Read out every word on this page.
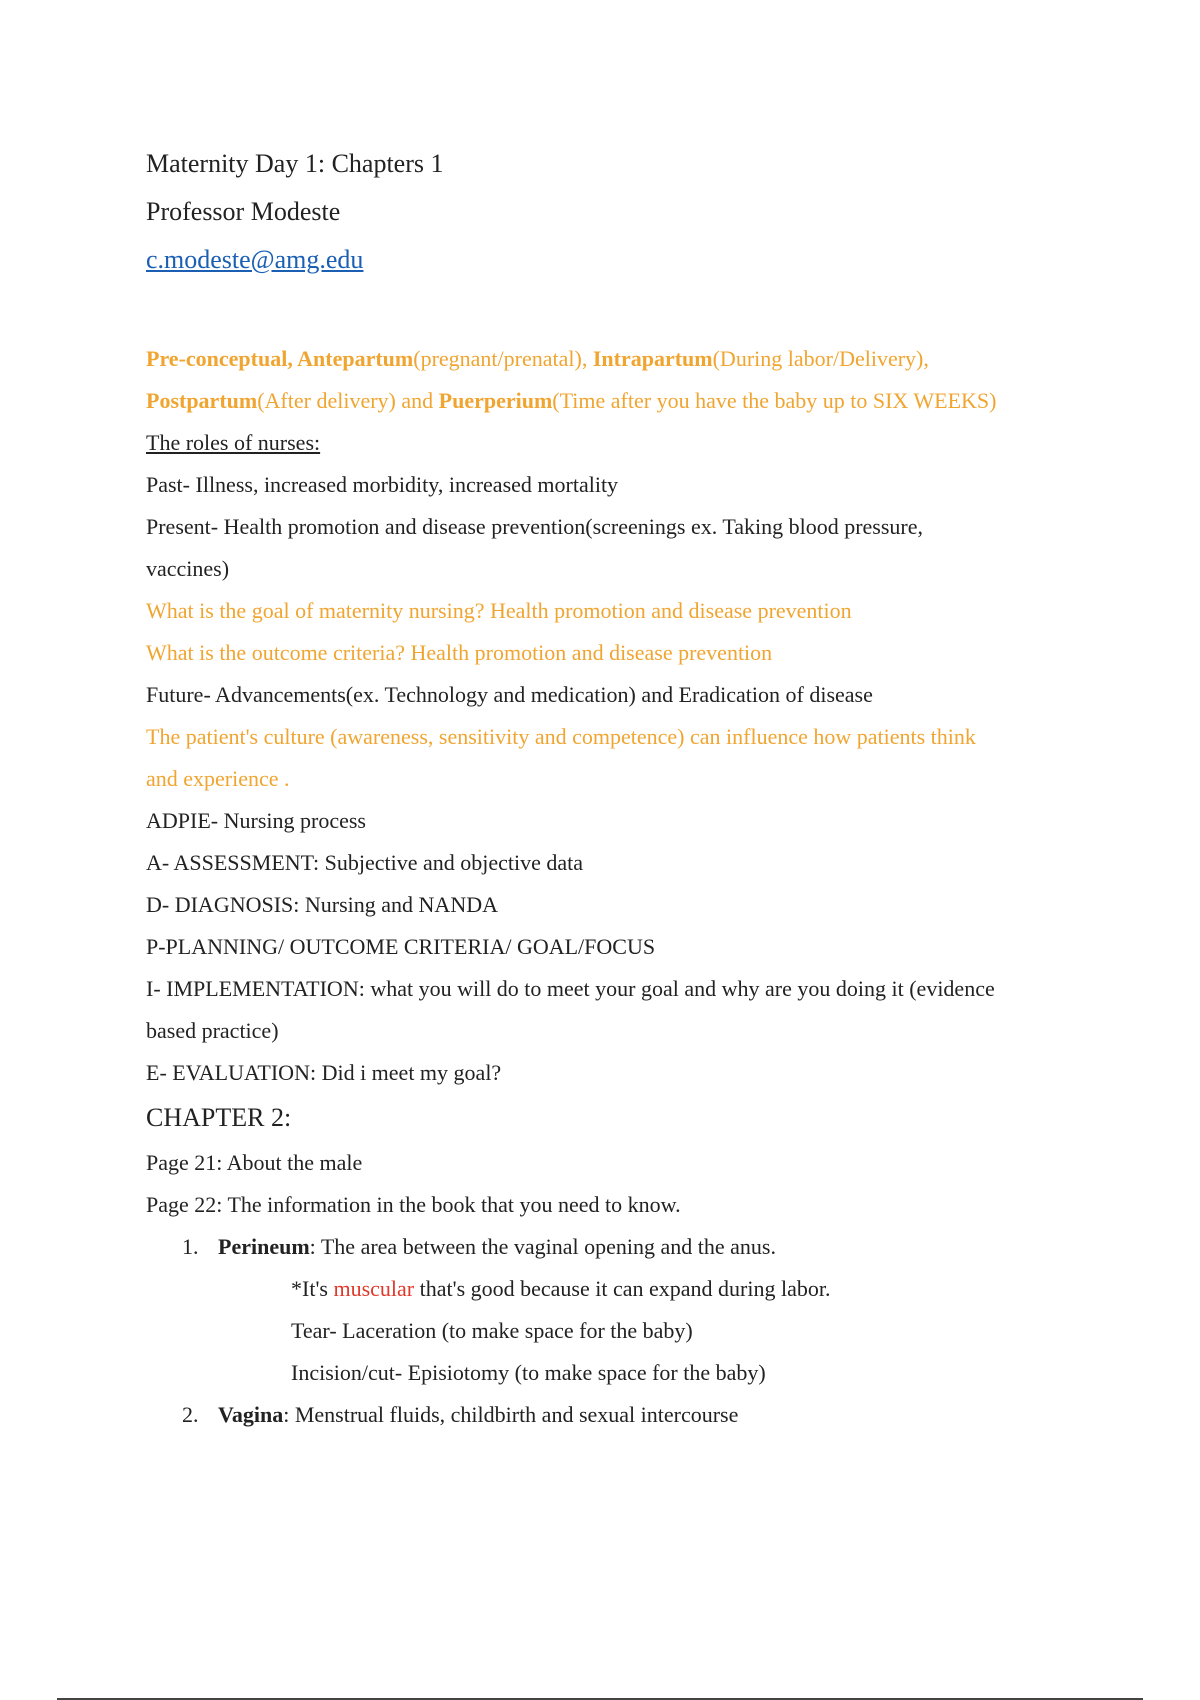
Maternity Day 1: Chapters 1
Professor Modeste
c.modeste@amg.edu
Pre-conceptual, Antepartum(pregnant/prenatal), Intrapartum(During labor/Delivery),
Postpartum(After delivery) and Puerperium(Time after you have the baby up to SIX WEEKS)
The roles of nurses:
Past- Illness, increased morbidity, increased mortality
Present- Health promotion and disease prevention(screenings ex. Taking blood pressure,
vaccines)
What is the goal of maternity nursing? Health promotion and disease prevention
What is the outcome criteria? Health promotion and disease prevention
Future- Advancements(ex. Technology and medication) and Eradication of disease
The patient's culture (awareness, sensitivity and competence) can influence how patients think
and experience .
ADPIE- Nursing process
A- ASSESSMENT: Subjective and objective data
D- DIAGNOSIS: Nursing and NANDA
P-PLANNING/ OUTCOME CRITERIA/ GOAL/FOCUS
I- IMPLEMENTATION: what you will do to meet your goal and why are you doing it (evidence
based practice)
E- EVALUATION: Did i meet my goal?
CHAPTER 2:
Page 21: About the male
Page 22: The information in the book that you need to know.
1. Perineum: The area between the vaginal opening and the anus.
*It's muscular that's good because it can expand during labor.
Tear- Laceration (to make space for the baby)
Incision/cut- Episiotomy (to make space for the baby)
2. Vagina: Menstrual fluids, childbirth and sexual intercourse
